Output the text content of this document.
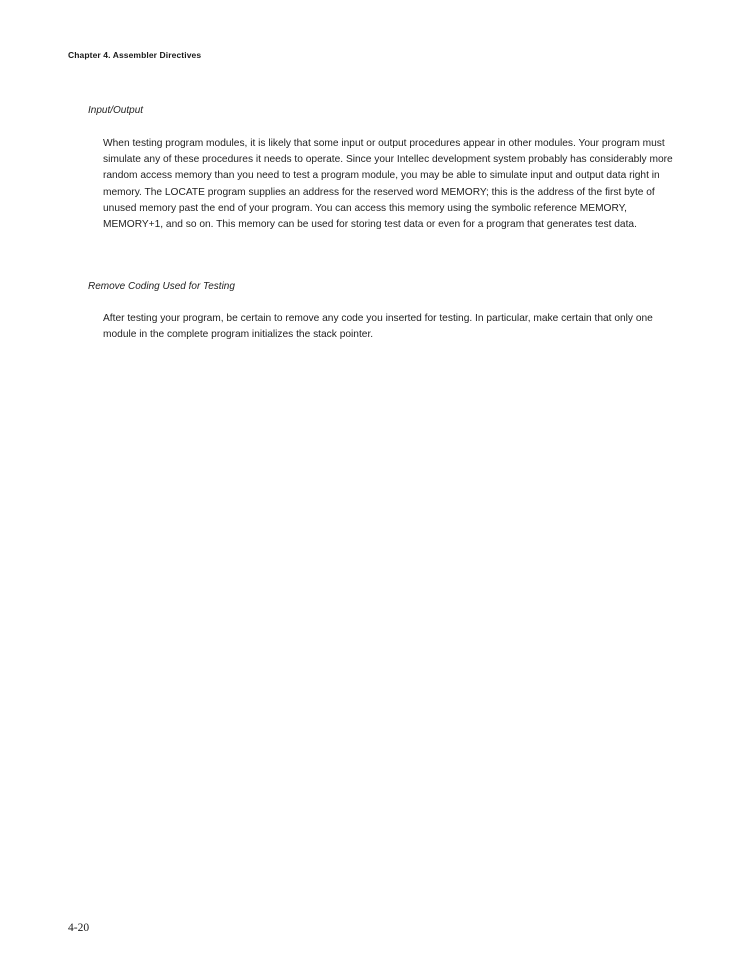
Chapter 4. Assembler Directives

Input/Output

When testing program modules, it is likely that some input or output procedures appear in other modules. Your program must simulate any of these procedures it needs to operate. Since your Intellec development system probably has considerably more random access memory than you need to test a program module, you may be able to simulate input and output data right in memory. The LOCATE program supplies an address for the reserved word MEMORY; this is the address of the first byte of unused memory past the end of your program. You can access this memory using the symbolic reference MEMORY, MEMORY+1, and so on. This memory can be used for storing test data or even for a program that generates test data.

Remove Coding Used for Testing

After testing your program, be certain to remove any code you inserted for testing. In particular, make certain that only one module in the complete program initializes the stack pointer.

4-20
